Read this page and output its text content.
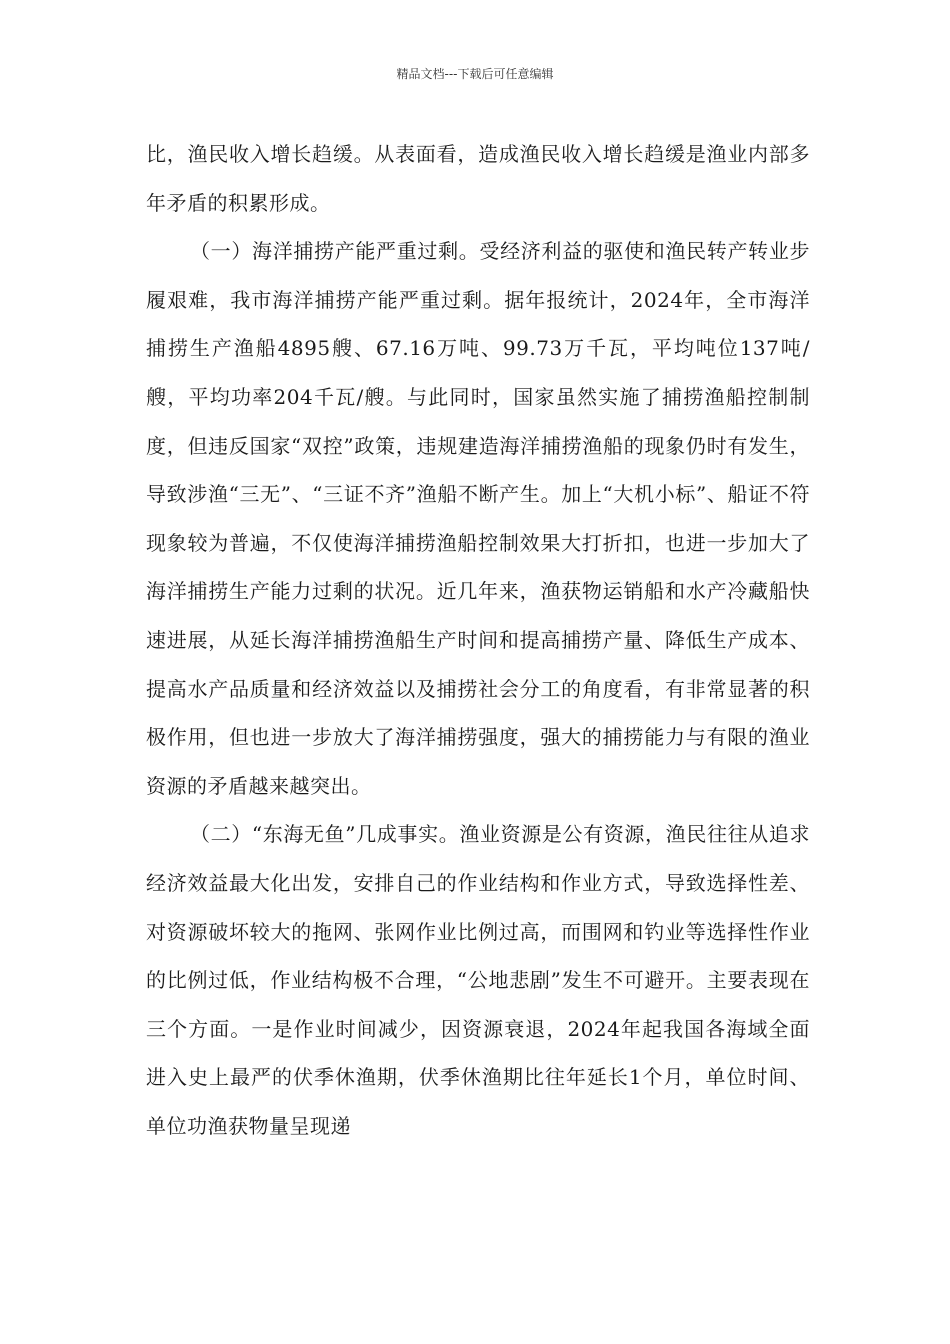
精品文档---下载后可任意编辑

比，渔民收入增长趋缓。从表面看，造成渔民收入增长趋缓是渔业内部多年矛盾的积累形成。

（一）海洋捕捞产能严重过剩。受经济利益的驱使和渔民转产转业步履艰难，我市海洋捕捞产能严重过剩。据年报统计，2024年，全市海洋捕捞生产渔船4895艘、67.16万吨、99.73万千瓦，平均吨位137吨/艘，平均功率204千瓦/艘。与此同时，国家虽然实施了捕捞渔船控制制度，但违反国家“双控”政策，违规建造海洋捕捞渔船的现象仍时有发生，导致涉渔“三无”、“三证不齐”渔船不断产生。加上“大机小标”、船证不符现象较为普遍，不仅使海洋捕捞渔船控制效果大打折扣，也进一步加大了海洋捕捞生产能力过剩的状况。近几年来，渔获物运销船和水产冷藏船快速进展，从延长海洋捕捞渔船生产时间和提高捕捞产量、降低生产成本、提高水产品质量和经济效益以及捕捞社会分工的角度看，有非常显著的积极作用，但也进一步放大了海洋捕捞强度，强大的捕捞能力与有限的渔业资源的矛盾越来越突出。

（二）“东海无鱼”几成事实。渔业资源是公有资源，渔民往往从追求经济效益最大化出发，安排自己的作业结构和作业方式，导致选择性差、对资源破坏较大的拖网、张网作业比例过高，而围网和钓业等选择性作业的比例过低，作业结构极不合理，“公地悲剧”发生不可避开。主要表现在三个方面。一是作业时间减少，因资源衰退，2024年起我国各海域全面进入史上最严的伏季休渔期，伏季休渔期比往年延长1个月，单位时间、单位功渔获物量呈现递
